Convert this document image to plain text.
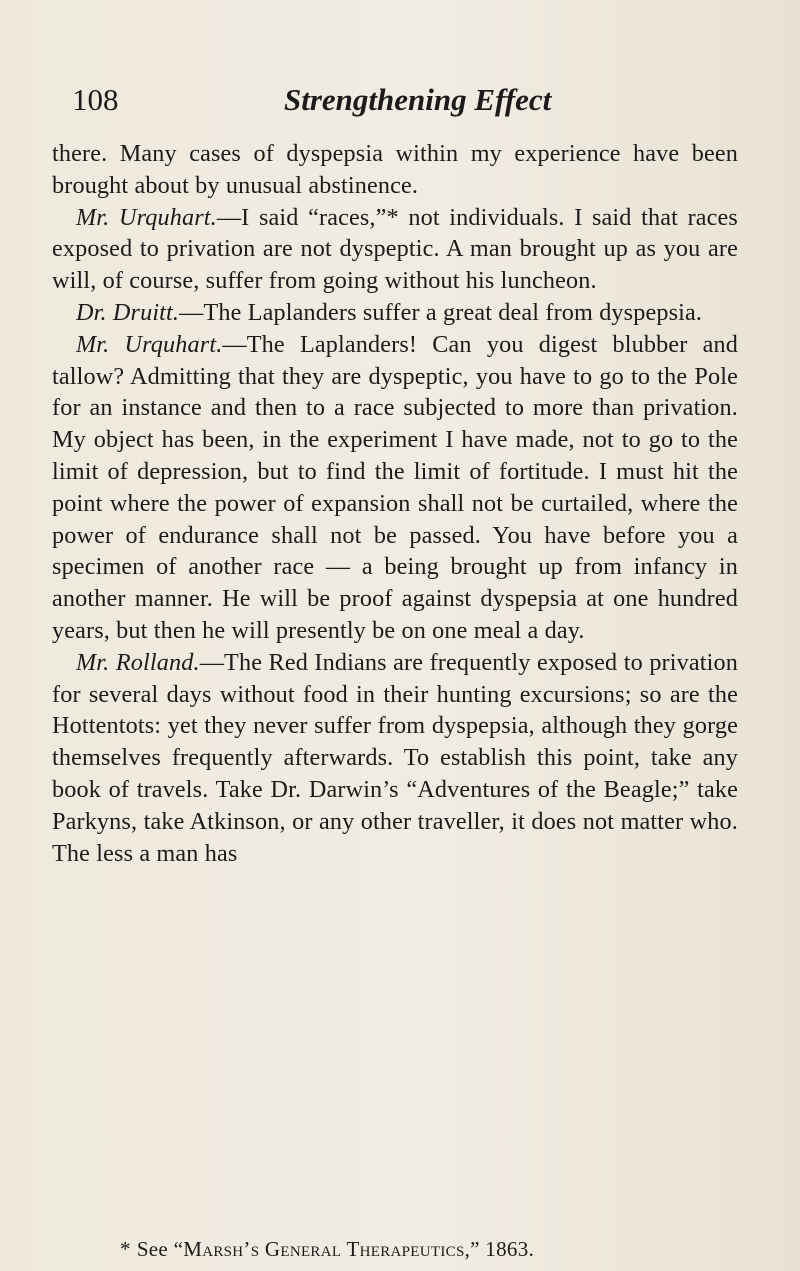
108	Strengthening Effect

there. Many cases of dyspepsia within my experience have been brought about by unusual abstinence.

Mr. Urquhart.—I said “races,”* not individuals. I said that races exposed to privation are not dyspeptic. A man brought up as you are will, of course, suffer from going without his luncheon.

Dr. Druitt.—The Laplanders suffer a great deal from dyspepsia.

Mr. Urquhart.—The Laplanders! Can you digest blubber and tallow? Admitting that they are dyspeptic, you have to go to the Pole for an instance and then to a race subjected to more than privation. My object has been, in the experiment I have made, not to go to the limit of depression, but to find the limit of fortitude. I must hit the point where the power of expansion shall not be curtailed, where the power of endurance shall not be passed. You have before you a specimen of another race — a being brought up from infancy in another manner. He will be proof against dyspepsia at one hundred years, but then he will presently be on one meal a day.

Mr. Rolland.—The Red Indians are frequently exposed to privation for several days without food in their hunting excursions; so are the Hottentots: yet they never suffer from dyspepsia, although they gorge themselves frequently afterwards. To establish this point, take any book of travels. Take Dr. Darwin’s “Adventures of the Beagle;” take Parkyns, take Atkinson, or any other traveller, it does not matter who. The less a man has

* See “Marsh’s General Therapeutics,” 1863.
